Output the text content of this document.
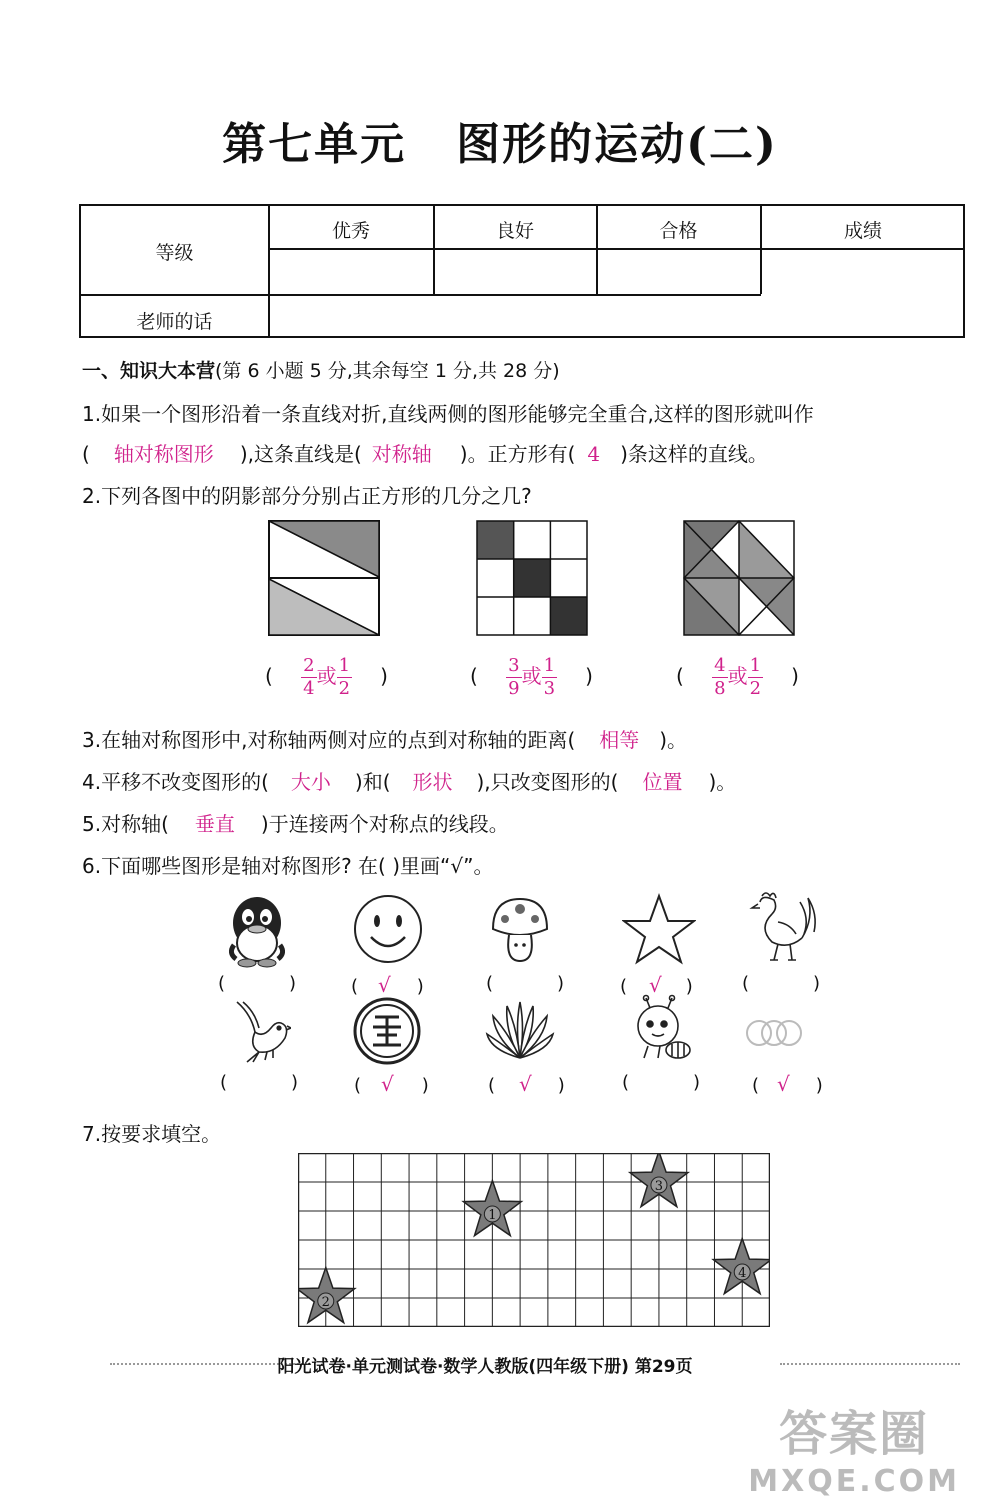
第七单元 图形的运动(二)
等级
优秀	良好	合格	成绩
老师的话
一、知识大本营(第 6 小题 5 分,其余每空 1 分,共 28 分)
1.如果一个图形沿着一条直线对折,直线两侧的图形能够完全重合,这样的图形就叫作
( 轴对称图形 ),这条直线是( 对称轴 )。正方形有( 4 )条这样的直线。
2.下列各图中的阴影部分分别占正方形的几分之几?
( $\frac{2}{4}$ 或 $\frac{1}{2}$ )	( $\frac{3}{9}$ 或 $\frac{1}{3}$ )	( $\frac{4}{8}$ 或 $\frac{1}{2}$ )
3.在轴对称图形中,对称轴两侧对应的点到对称轴的距离( 相等 )。
4.平移不改变图形的( 大小 )和( 形状 ),只改变图形的( 位置 )。
5.对称轴( 垂直 )于连接两个对称点的线段。
6.下面哪些图形是轴对称图形? 在( )里画“√”。
(	)	( √ )	(	)	( √ )	(	)
(	)	( √ )	( √ )	(	)	( √ )
7.按要求填空。
1
2
3
4
阳光试卷·单元测试卷·数学人教版(四年级下册) 第29页
答案圈
MXQE.COM
